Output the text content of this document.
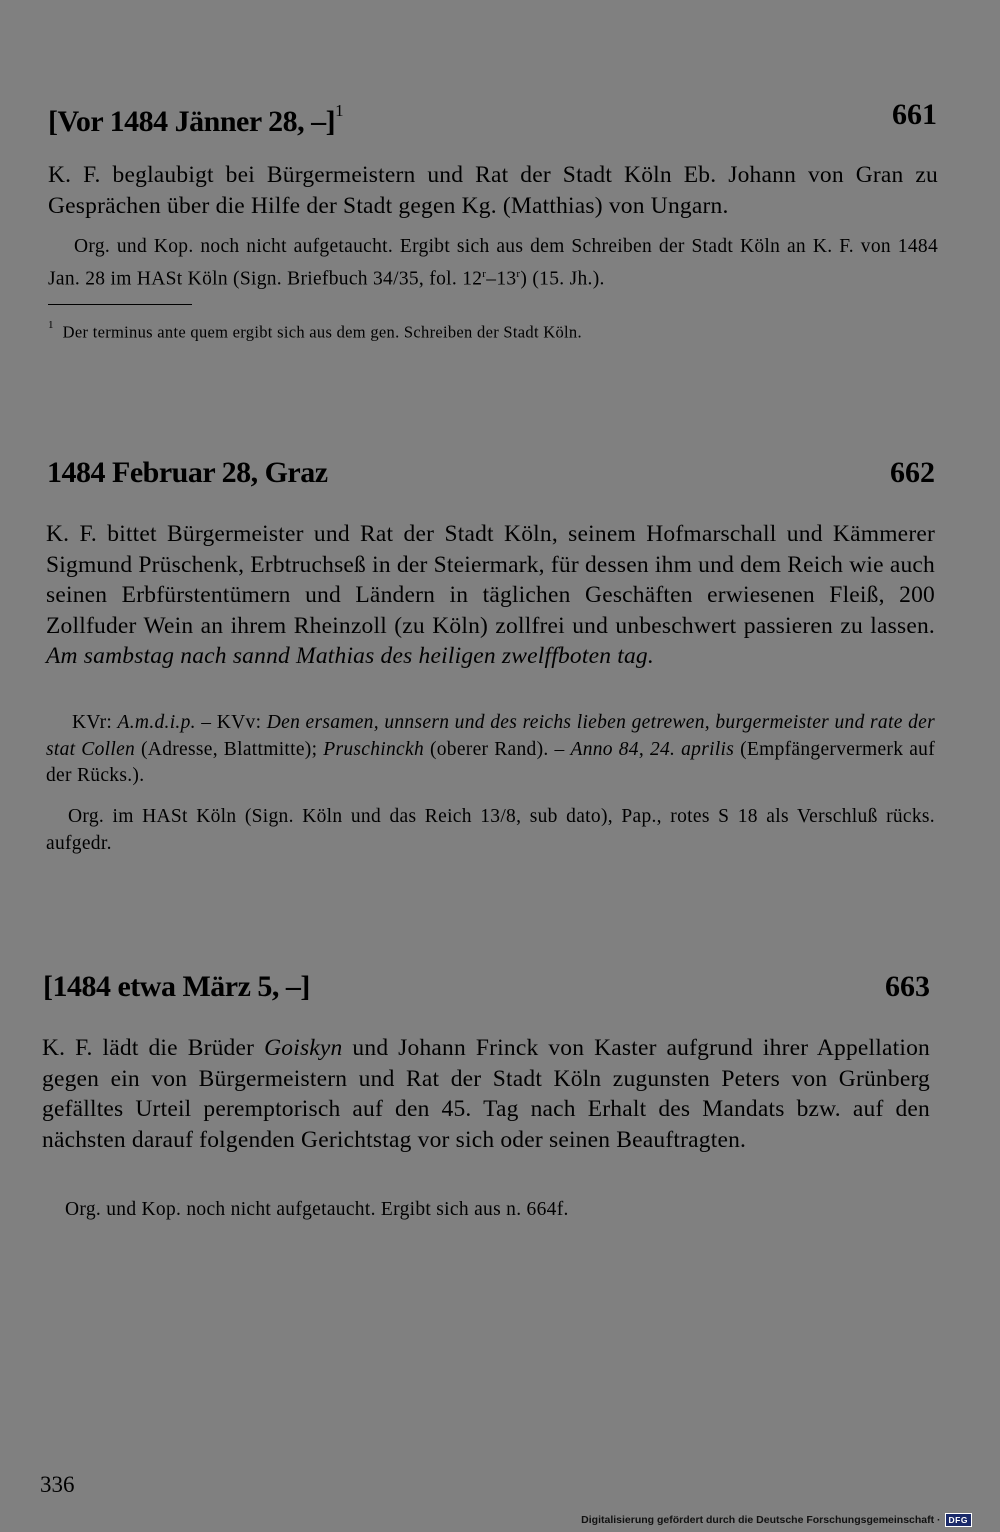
[Vor 1484 Jänner 28, –]$^1$	661
K. F. beglaubigt bei Bürgermeistern und Rat der Stadt Köln Eb. Johann von Gran zu Gesprächen über die Hilfe der Stadt gegen Kg. (Matthias) von Ungarn.
Org. und Kop. noch nicht aufgetaucht. Ergibt sich aus dem Schreiben der Stadt Köln an K. F. von 1484 Jan. 28 im HASt Köln (Sign. Briefbuch 34/35, fol. 12$^r$–13$^r$) (15. Jh.).
$^1$ Der terminus ante quem ergibt sich aus dem gen. Schreiben der Stadt Köln.
1484 Februar 28, Graz	662
K. F. bittet Bürgermeister und Rat der Stadt Köln, seinem Hofmarschall und Kämmerer Sigmund Prüschenk, Erbtruchseß in der Steiermark, für dessen ihm und dem Reich wie auch seinen Erbfürstentümern und Ländern in täglichen Geschäften erwiesenen Fleiß, 200 Zollfuder Wein an ihrem Rheinzoll (zu Köln) zollfrei und unbeschwert passieren zu lassen. Am sambstag nach sannd Mathias des heiligen zwelffboten tag.
KVr: A.m.d.i.p. – KVv: Den ersamen, unnsern und des reichs lieben getrewen, burgermeister und rate der stat Collen (Adresse, Blattmitte); Pruschinckh (oberer Rand). – Anno 84, 24. aprilis (Empfängervermerk auf der Rücks.).
Org. im HASt Köln (Sign. Köln und das Reich 13/8, sub dato), Pap., rotes S 18 als Verschluß rücks. aufgedr.
[1484 etwa März 5, –]	663
K. F. lädt die Brüder Goiskyn und Johann Frinck von Kaster aufgrund ihrer Appellation gegen ein von Bürgermeistern und Rat der Stadt Köln zugunsten Peters von Grünberg gefälltes Urteil peremptorisch auf den 45. Tag nach Erhalt des Mandats bzw. auf den nächsten darauf folgenden Gerichtstag vor sich oder seinen Beauftragten.
Org. und Kop. noch nicht aufgetaucht. Ergibt sich aus n. 664f.
336
Digitalisierung gefördert durch die Deutsche Forschungsgemeinschaft · DFG
